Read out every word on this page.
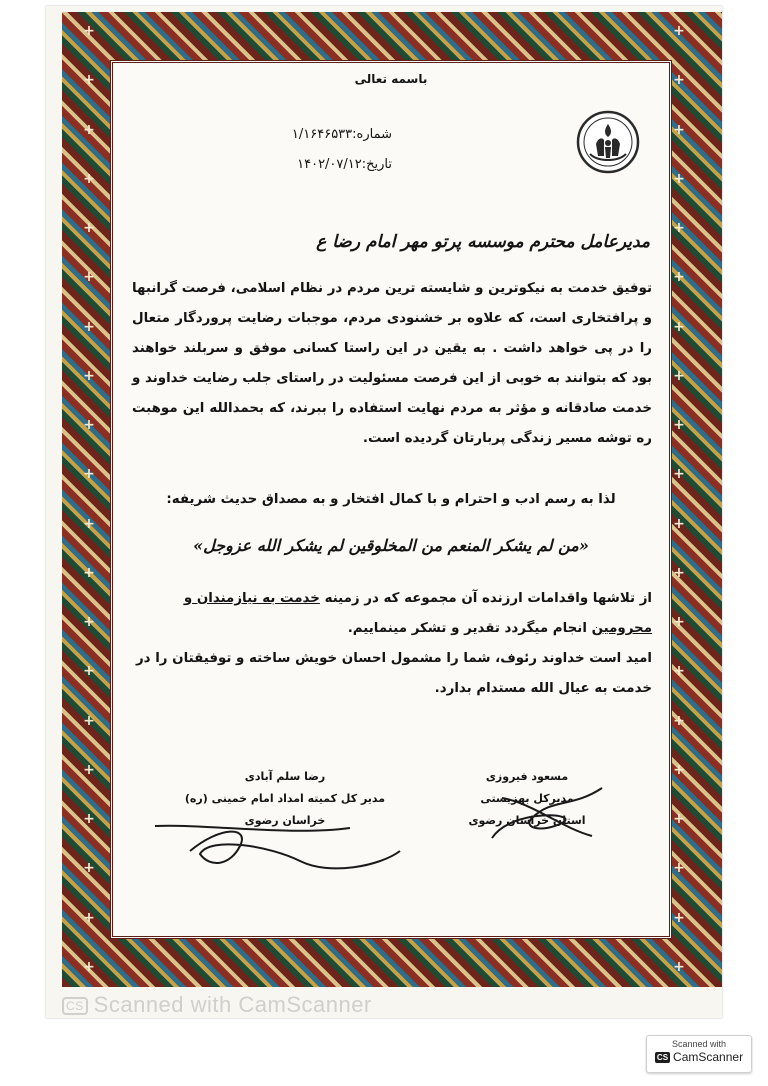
+
+
+
+
+
+
+
+
+
+
+
+
+
+
+
+
+
+
+
+
+
+
+
+
+
+
+
+
+
+
+
+
+
+
+
+
+
+
+
+
باسمه تعالی
شماره:۱/۱۶۴۶۵۳۳
تاریخ:۱۴۰۲/۰۷/۱۲
مدیرعامل محترم موسسه پرتو مهر امام رضا ع

توفیق خدمت به نیکوترین و شایسته ترین مردم در نظام اسلامی، فرصت گرانبها و پرافتخاری است، که علاوه بر خشنودی مردم، موجبات رضایت پروردگار متعال را در پی خواهد داشت . به یقین در این راستا کسانی موفق و سربلند خواهند بود که بتوانند به خوبی از این فرصت مسئولیت در راستای جلب رضایت خداوند و خدمت صادقانه و مؤثر به مردم نهایت استفاده را ببرند، که بحمدالله این موهبت ره توشه مسیر زندگی پربارتان گردیده است.

لذا به رسم ادب و احترام و با کمال افتخار و به مصداق حدیث شریفه:
«من لم یشکر المنعم من المخلوقین لم یشکر الله عزوجل»

از تلاشها واقدامات ارزنده آن مجموعه که در زمینه خدمت به نیازمندان و محرومین انجام میگردد تقدیر و تشکر مینماییم.

امید است خداوند رئوف، شما را مشمول احسان خویش ساخته و توفیقتان را در خدمت به عیال الله مستدام بدارد.

مسعود فیروزی
مدیرکل بهزیستی
استان خراسان رضوی
رضا سلم آبادی
مدیر کل کمیته امداد امام خمینی (ره)
خراسان رضوی
CS Scanned with CamScanner
Scanned with
CS CamScanner
